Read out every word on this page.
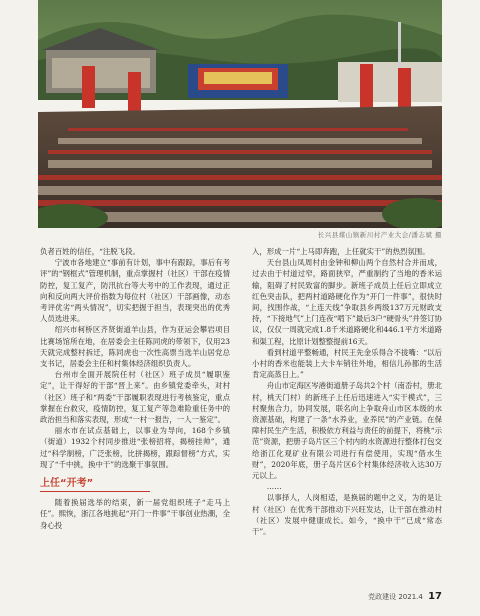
长兴县煤山镇新川村产业大会/潘志斌 摄

负者百姓的信任，“注脱飞段。

宁波市各地建立“事前有计划，事中有跟踪，事后有考评”的“钢框式”管理机制，重点掌握村（社区）干部在疫情防控，复工复产，防汛抗台等大考中的工作表现，通过正向和反向两大评价指数为每位村（社区）干部画像，动态考评优劣“两头情况”，切实把握于担当，表现突出的优秀人员选进来。

绍兴市柯桥区齐贤街道羊山县，作为亚运会攀岩项目比赛场馆所在地，在居委会主任陈同虎的带领下，仅用23天就完成整村拆迁，陈同虎也一次性高票当选羊山居党总支书记，居委会主任和村集体经济组织负责人。

台州市全面开展院任村（社区）班子成员“履职鉴定”，让干得好的干部“晋上来”。由乡镇党委牵头，对村（社区）班子和“两委”干部履职表现进行考核鉴定，重点掌握在台救灾，疫情防控，复工复产等急难险重任务中的政治担当和落实表现，形成“一村一报告，一人一鉴定”。

丽水市在试点基础上，以事业为导向，168个乡镇（街道）1932个村同步推进“张榜招将，揭榜挂帅”，通过“科学制榜，广泛张榜，比拼揭榜，跟踪督榜”方式，实现了“千中挑，换中干”的选聚干事氛围。

上任“开考”

随着换届选举的结束，新一届党组织班子“走马上任”。熙恢，浙江各地挑起“开门一件事”干事创业热潮，全身心投

入，形成一片“上马即奔跑，上任就实干”的热烈氛围。

天台县山凤周村由金钟和柳山两个自然村合并而成，过去由于村道过窄，路面狭窄，严重制约了当地的香米运输，阻碍了村民致富的脚步。新班子成员上任后立即成立红色突击队，把两村道路硬化作为“开门一件事”，很快时间，找围作战，“上连天线”争取县乡两级137万元财政支持，“下接地气”上门连夜“啃下”最后3户“硬骨头”并签订协议，仅仅一周就完成1.8千米道路硬化和446.1平方米道路和渠工程，比原计划整整提前16天。

看到村道平整畅通，村民王先金乐得合不拢嘴：“以后小村的香米也能装上大卡车销往外地，相信儿孙都的生活肯定高蒸日上。”

舟山市定海区岑港街道册子岛共2个村（南岙村，册北村，桃天门村）的新班子上任后迅速进入“实干模式”，三村聚焦合力，协同发展，联名向上争取舟山市区本级的水资源基础，构建了一条“水养业，业养民”的产业链。在保障村民生产生活，积极依方利益与责任的前提下，将桃“示范”资源，把册子岛片区三个村内的水资源进行整体打包交给浙江化观矿业有限公司进行有偿使用，实现“借水生财”，2020年底，册子岛片区6个村集体经济收入达30万元以上。

……

以事择人，人岗相适，是换届的题中之义，为的是让村（社区）在优秀干部推动下兴旺发达，让干部在推动村（社区）发展中健康成长。如今，“换中干”已成“常态干”。

党政建设 2021.4 17
